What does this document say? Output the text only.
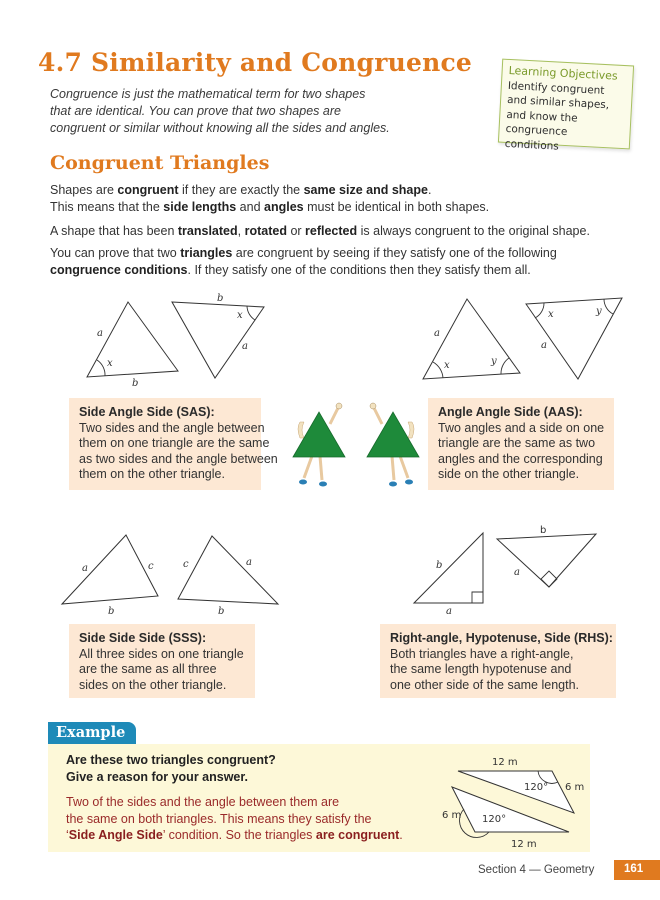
4.7 Similarity and Congruence
Congruence is just the mathematical term for two shapes
that are identical. You can prove that two shapes are
congruent or similar without knowing all the sides and angles.
Learning Objectives
Identify congruent
and similar shapes,
and know the
congruence conditions
Congruent Triangles
Shapes are congruent if they are exactly the same size and shape.
This means that the side lengths and angles must be identical in both shapes.
A shape that has been translated, rotated or reflected is always congruent to the original shape.
You can prove that two triangles are congruent by seeing if they satisfy one of the following
congruence conditions. If they satisfy one of the conditions then they satisfy them all.
a
x
b
b
x
a
a
x	y
x	y
a
Side Angle Side (SAS):
Two sides and the angle between
them on one triangle are the same
as two sides and the angle between
them on the other triangle.
Angle Angle Side (AAS):
Two angles and a side on one
triangle are the same as two
angles and the corresponding
side on the other triangle.
a	c
b
c	a
b
b
a
b
a
Side Side Side (SSS):
All three sides on one triangle
are the same as all three
sides on the other triangle.
Right-angle, Hypotenuse, Side (RHS):
Both triangles have a right-angle,
the same length hypotenuse and
one other side of the same length.
Example
Are these two triangles congruent?
Give a reason for your answer.
Two of the sides and the angle between them are
the same on both triangles. This means they satisfy the
‘Side Angle Side’ condition. So the triangles are congruent.
12 m
120° 6 m
6 m 120°
12 m
Section 4 — Geometry	161
